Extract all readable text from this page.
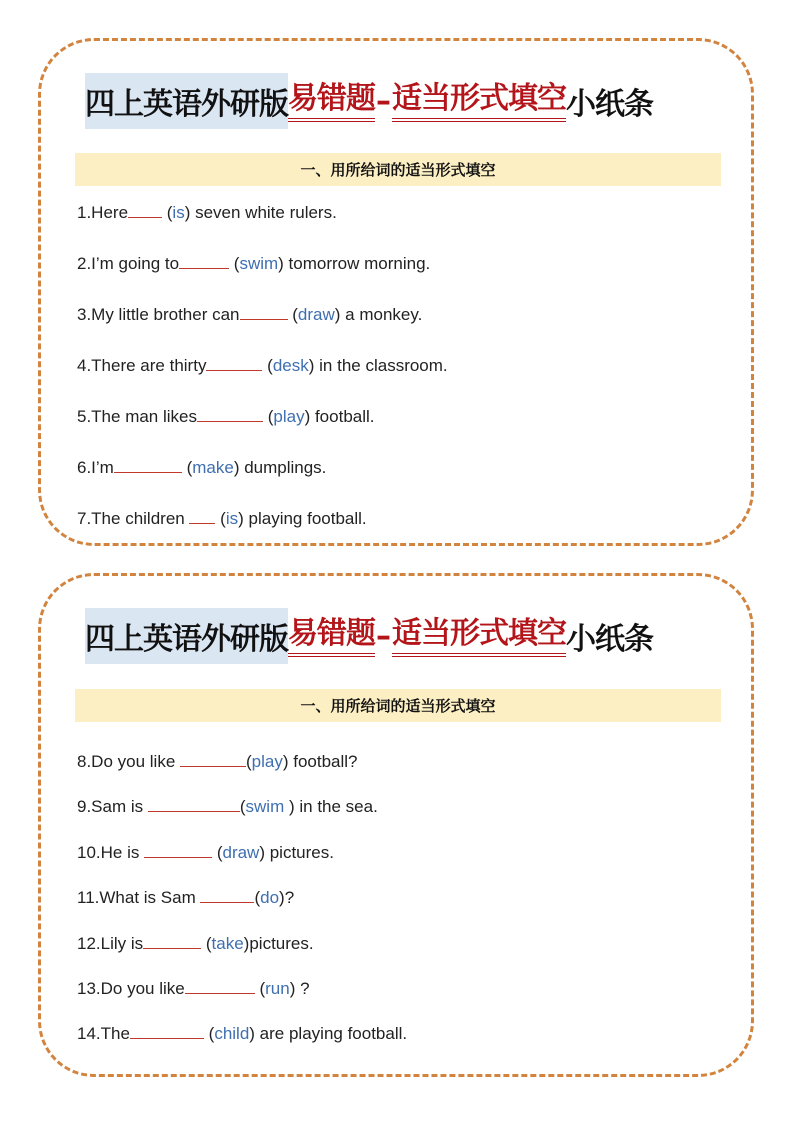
四上英语外研版 易错题 – 适当形式填空 小纸条
一、用所给词的适当形式填空
1.Here (is) seven white rulers.
2.I’m going to	(swim) tomorrow morning.
3.My little brother can	(draw) a monkey.
4.There are thirty	(desk) in the classroom.
5.The man likes	(play) football.
6.I’m	(make) dumplings.
7.The children  (is) playing football.
四上英语外研版 易错题 – 适当形式填空 小纸条
一、用所给词的适当形式填空
8.Do you like	(play) football?
9.Sam is	(swim ) in the sea.
10.He is	(draw) pictures.
11.What is Sam	(do)?
12.Lily is	(take)pictures.
13.Do you like	(run) ?
14.The	(child) are playing football.
